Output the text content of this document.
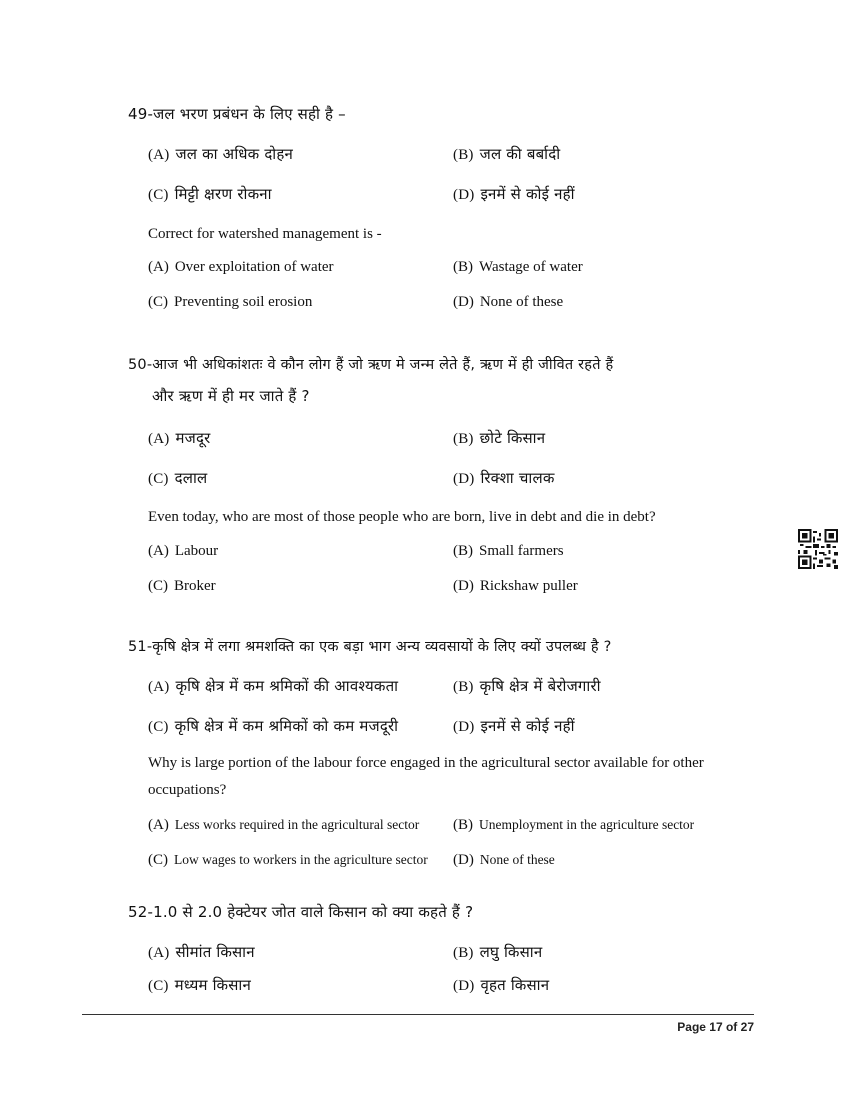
49-जल भरण प्रबंधन के लिए सही है –
(A) जल का अधिक दोहन	(B) जल की बर्बादी
(C) मिट्टी क्षरण रोकना	(D) इनमें से कोई नहीं
Correct for watershed management is -
(A) Over exploitation of water	(B) Wastage of water
(C) Preventing soil erosion	(D) None of these
50-आज भी अधिकांशतः वे कौन लोग हैं जो ऋण मे जन्म लेते हैं, ऋण में ही जीवित रहते हैं
और ऋण में ही मर जाते हैं ?
(A) मजदूर	(B) छोटे किसान
(C) दलाल	(D) रिक्शा चालक
Even today, who are most of those people who are born, live in debt and die in debt?
(A) Labour	(B) Small farmers
(C) Broker	(D) Rickshaw puller
51-कृषि क्षेत्र में लगा श्रमशक्ति का एक बड़ा भाग अन्य व्यवसायों के लिए क्यों उपलब्ध है ?
(A) कृषि क्षेत्र में कम श्रमिकों की आवश्यकता	(B) कृषि क्षेत्र में बेरोजगारी
(C) कृषि क्षेत्र में कम श्रमिकों को कम मजदूरी	(D) इनमें से कोई नहीं
Why is large portion of the labour force engaged in the agricultural sector available for other
occupations?
(A) Less works required in the agricultural sector (B) Unemployment in the agriculture sector
(C) Low wages to workers in the agriculture sector (D) None of these
52-1.0 से 2.0 हेक्टेयर जोत वाले किसान को क्या कहते हैं ?
(A) सीमांत किसान	(B) लघु किसान
(C) मध्यम किसान	(D) वृहत किसान
Page 17 of 27
